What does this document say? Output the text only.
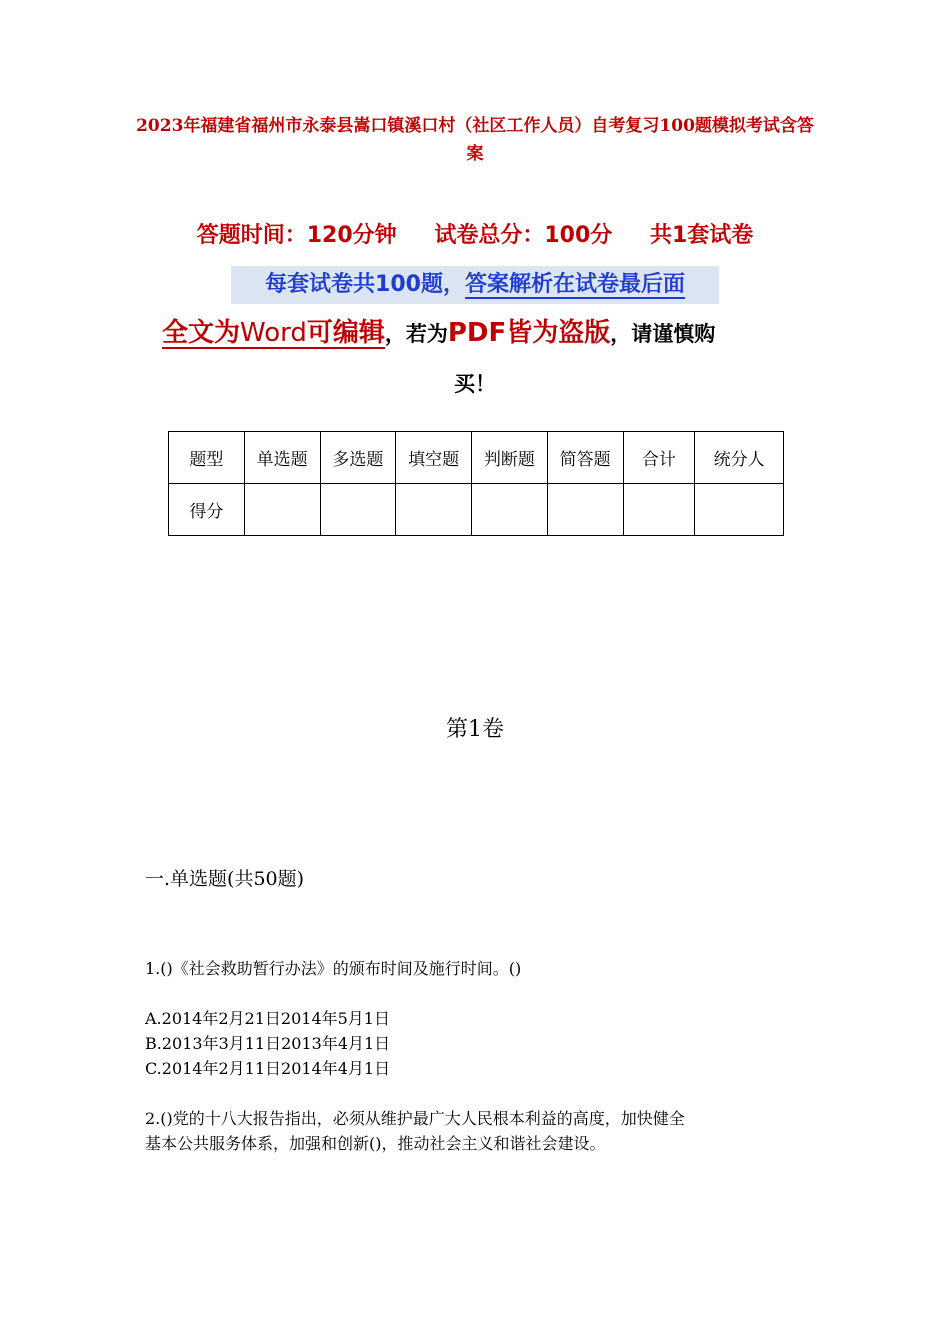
2023年福建省福州市永泰县嵩口镇溪口村（社区工作人员）自考复习100题模拟考试含答案
答题时间：120分钟 试卷总分：100分 共1套试卷
每套试卷共100题，答案解析在试卷最后面
全文为Word可编辑，若为PDF皆为盗版，请谨慎购
买！
题型	单选题	多选题	填空题	判断题	简答题	合计	统分人
得分							
第1卷
一.单选题(共50题)
1.()《社会救助暂行办法》的颁布时间及施行时间。()
A.2014年2月21日2014年5月1日
B.2013年3月11日2013年4月1日
C.2014年2月11日2014年4月1日
2.()党的十八大报告指出，必须从维护最广大人民根本利益的高度，加快健全
基本公共服务体系，加强和创新()，推动社会主义和谐社会建设。
